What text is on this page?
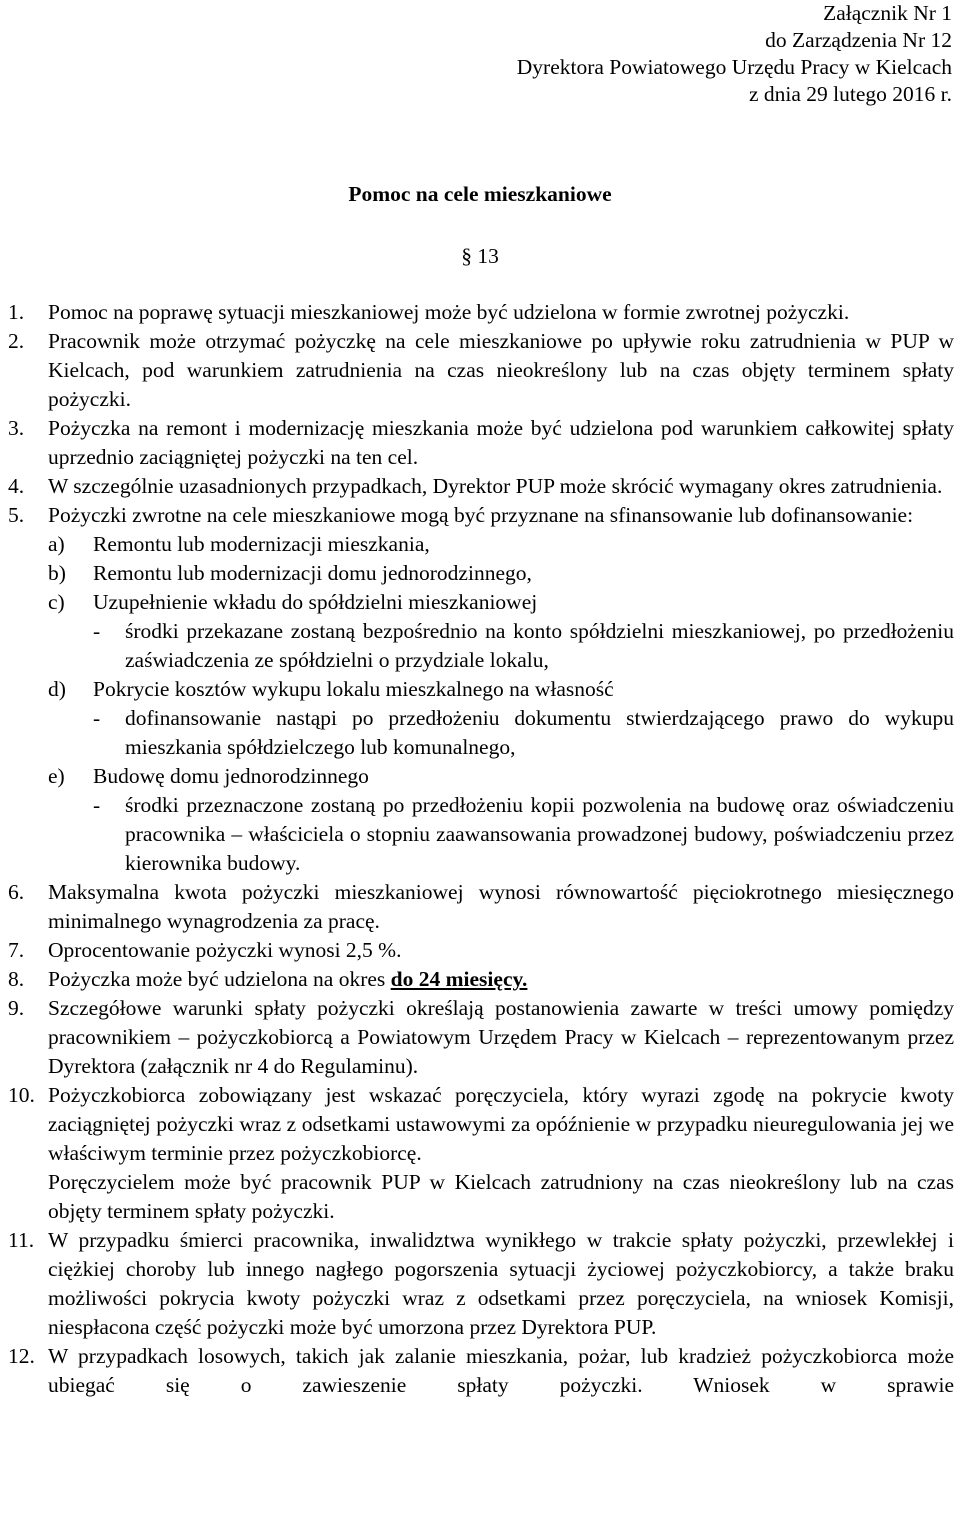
Załącznik Nr 1
do Zarządzenia Nr 12
Dyrektora Powiatowego Urzędu Pracy w Kielcach
z dnia 29 lutego 2016 r.
Pomoc na cele mieszkaniowe
§ 13
1. Pomoc na poprawę sytuacji mieszkaniowej może być udzielona w formie zwrotnej pożyczki.

2. Pracownik może otrzymać pożyczkę na cele mieszkaniowe po upływie roku zatrudnienia w PUP w Kielcach, pod warunkiem zatrudnienia na czas nieokreślony lub na czas objęty terminem spłaty pożyczki.

3. Pożyczka na remont i modernizację mieszkania może być udzielona pod warunkiem całkowitej spłaty uprzednio zaciągniętej pożyczki na ten cel.

4. W szczególnie uzasadnionych przypadkach, Dyrektor PUP może skrócić wymagany okres zatrudnienia.

5. Pożyczki zwrotne na cele mieszkaniowe mogą być przyznane na sfinansowanie lub dofinansowanie:

a) Remontu lub modernizacji mieszkania,
b) Remontu lub modernizacji domu jednorodzinnego,
c) Uzupełnienie wkładu do spółdzielni mieszkaniowej
- środki przekazane zostaną bezpośrednio na konto spółdzielni mieszkaniowej, po przedłożeniu zaświadczenia ze spółdzielni o przydziale lokalu,
d) Pokrycie kosztów wykupu lokalu mieszkalnego na własność
- dofinansowanie nastąpi po przedłożeniu dokumentu stwierdzającego prawo do wykupu mieszkania spółdzielczego lub komunalnego,
e) Budowę domu jednorodzinnego
- środki przeznaczone zostaną po przedłożeniu kopii pozwolenia na budowę oraz oświadczeniu pracownika – właściciela o stopniu zaawansowania prowadzonej budowy, poświadczeniu przez kierownika budowy.
6. Maksymalna kwota pożyczki mieszkaniowej wynosi równowartość pięciokrotnego miesięcznego minimalnego wynagrodzenia za pracę.

7. Oprocentowanie pożyczki wynosi 2,5 %.

8. Pożyczka może być udzielona na okres do 24 miesięcy.

9. Szczegółowe warunki spłaty pożyczki określają postanowienia zawarte w treści umowy pomiędzy pracownikiem – pożyczkobiorcą a Powiatowym Urzędem Pracy w Kielcach – reprezentowanym przez Dyrektora (załącznik nr 4 do Regulaminu).

10. Pożyczkobiorca zobowiązany jest wskazać poręczyciela, który wyrazi zgodę na pokrycie kwoty zaciągniętej pożyczki wraz z odsetkami ustawowymi za opóźnienie w przypadku nieuregulowania jej we właściwym terminie przez pożyczkobiorcę.

Poręczycielem może być pracownik PUP w Kielcach zatrudniony na czas nieokreślony lub na czas objęty terminem spłaty pożyczki.

11. W przypadku śmierci pracownika, inwalidztwa wynikłego w trakcie spłaty pożyczki, przewlekłej i ciężkiej choroby lub innego nagłego pogorszenia sytuacji życiowej pożyczkobiorcy, a także braku możliwości pokrycia kwoty pożyczki wraz z odsetkami przez poręczyciela, na wniosek Komisji, niespłacona część pożyczki może być umorzona przez Dyrektora PUP.

12. W przypadkach losowych, takich jak zalanie mieszkania, pożar, lub kradzież pożyczkobiorca może ubiegać się o zawieszenie spłaty pożyczki. Wniosek w sprawie
